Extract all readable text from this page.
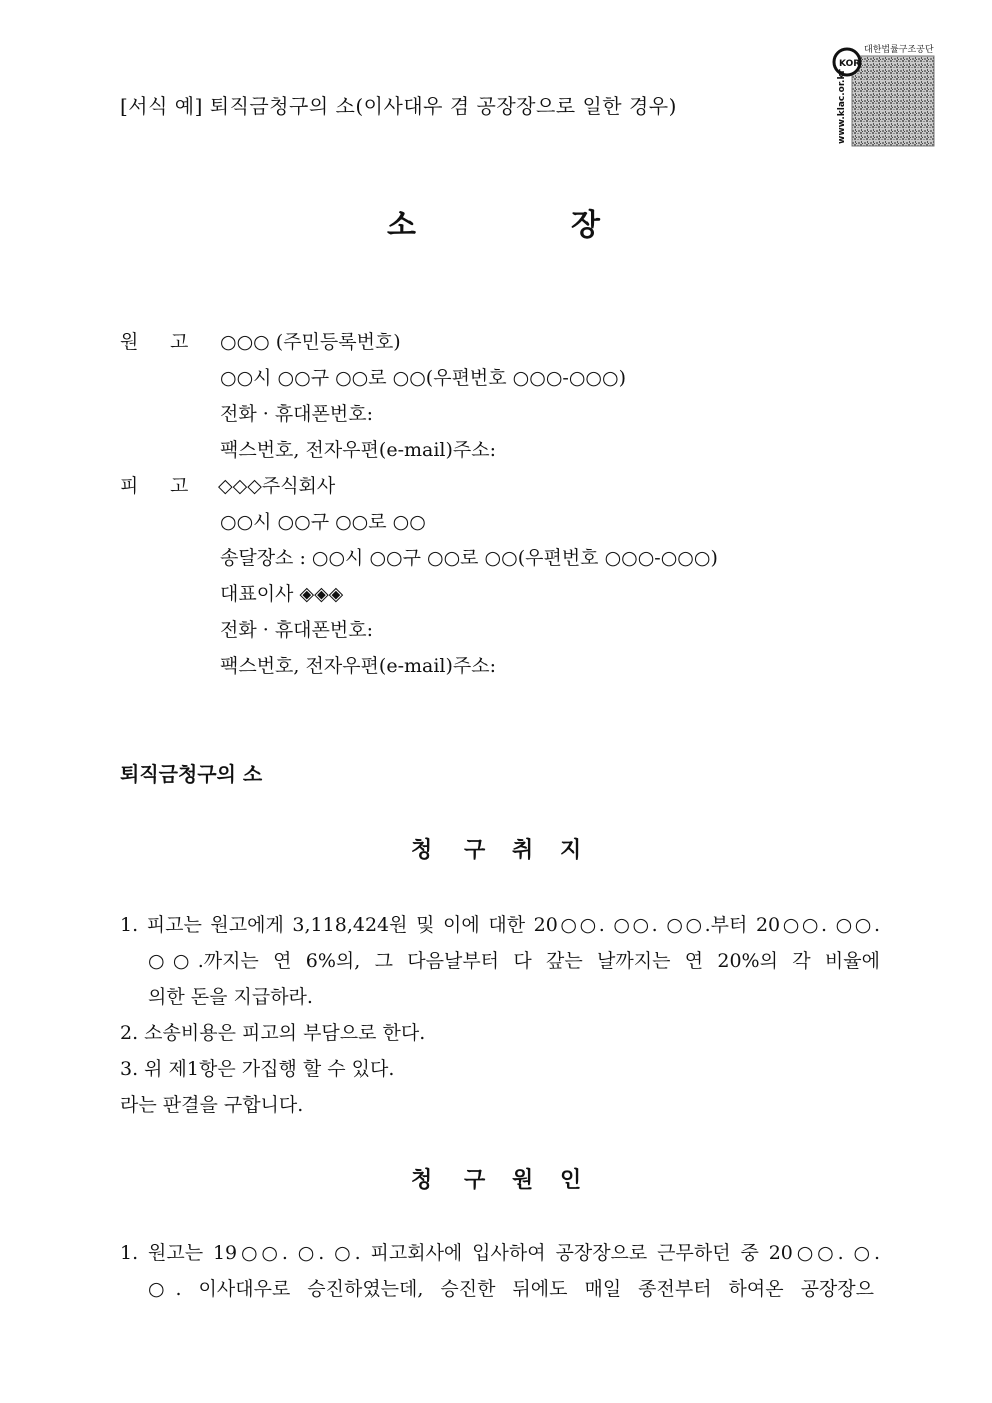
[서식 예] 퇴직금청구의 소(이사대우 겸 공장장으로 일한 경우)
KOR
대한법률구조공단
www.klac.or.kr
소	장
원 고 ○○○ (주민등록번호)
○○시 ○○구 ○○로 ○○(우편번호 ○○○-○○○)
전화 · 휴대폰번호:
팩스번호, 전자우편(e-mail)주소:
피 고 ◇◇◇주식회사
○○시 ○○구 ○○로 ○○
송달장소 : ○○시 ○○구 ○○로 ○○(우편번호 ○○○-○○○)
대표이사 ◈◈◈
전화 · 휴대폰번호:
팩스번호, 전자우편(e-mail)주소:
퇴직금청구의 소
청 구 취 지
1. 피고는 원고에게 3,118,424원 및 이에 대한 20○○. ○○. ○○.부터 20○○. ○○.
○○.까지는 연 6%의, 그 다음날부터 다 갚는 날까지는 연 20%의 각 비율에
의한 돈을 지급하라.
2. 소송비용은 피고의 부담으로 한다.
3. 위 제1항은 가집행 할 수 있다.
라는 판결을 구합니다.
청 구 원 인
1. 원고는 19○○. ○. ○. 피고회사에 입사하여 공장장으로 근무하던 중 20○○. ○.
○. 이사대우로 승진하였는데, 승진한 뒤에도 매일 종전부터 하여온 공장장으
